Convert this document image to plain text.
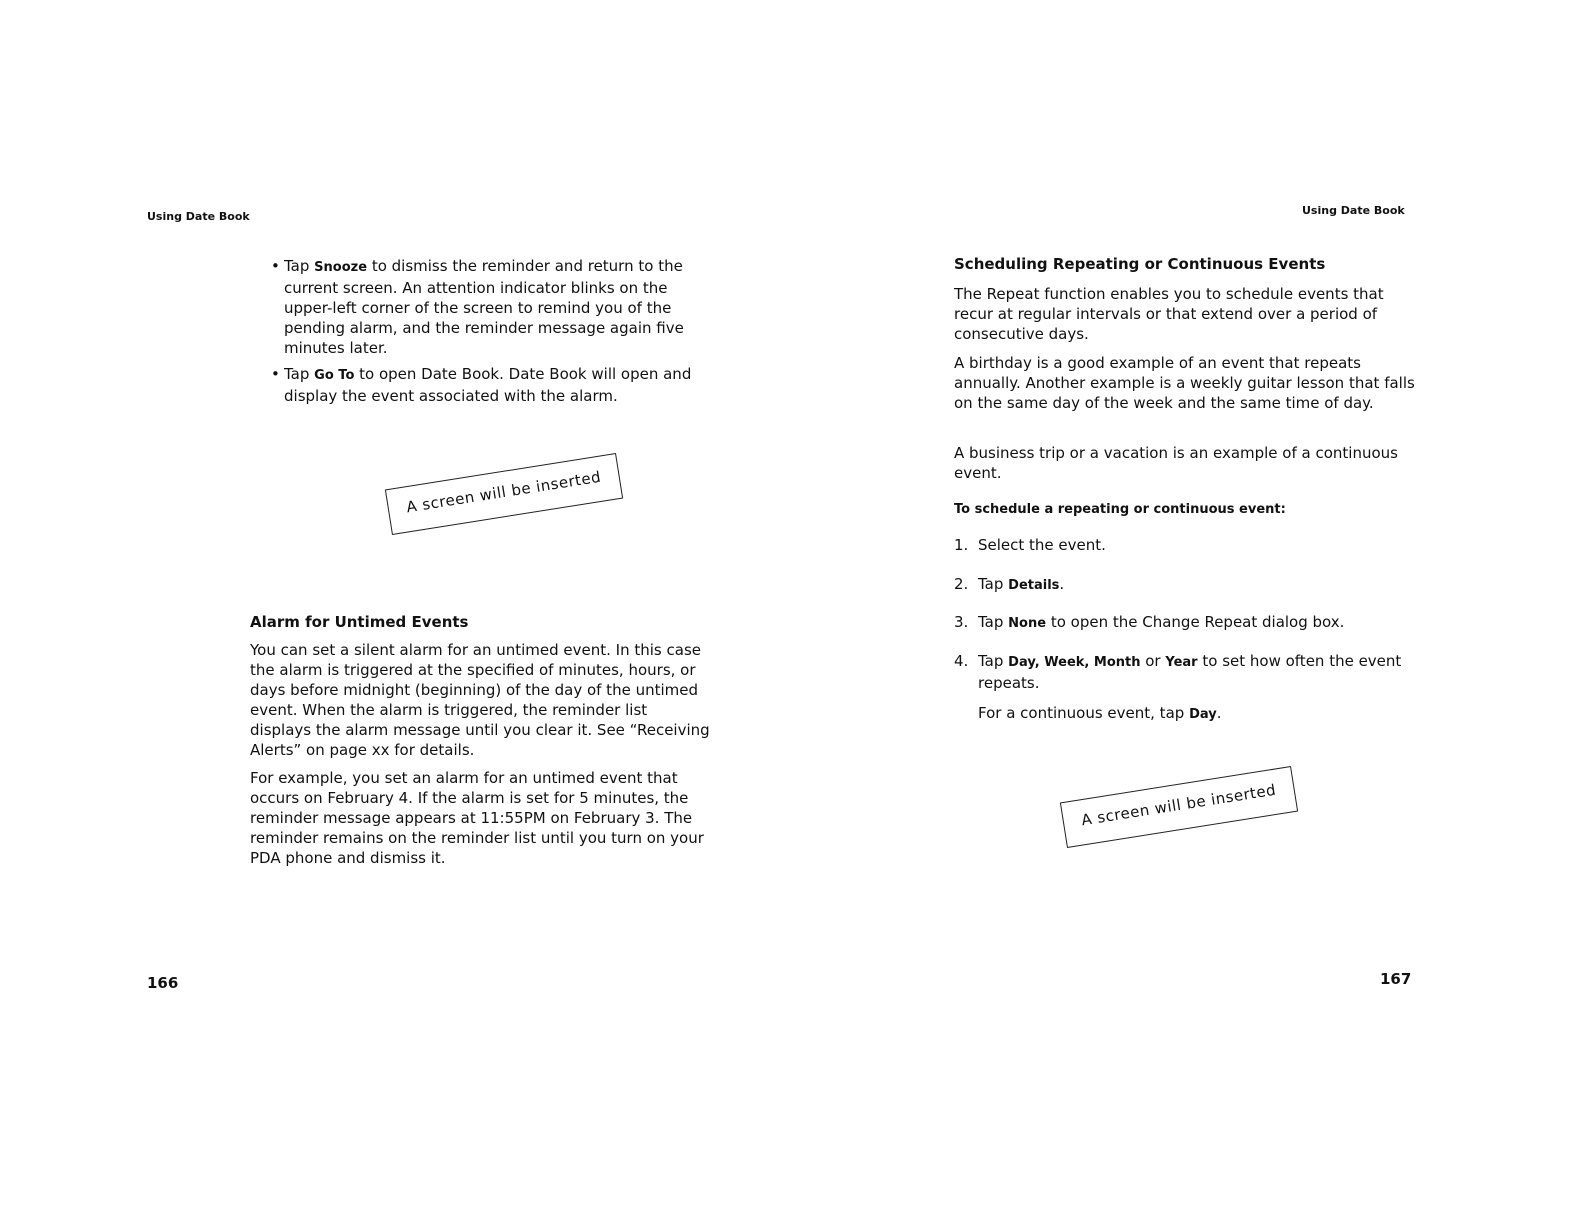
Using Date Book
• Tap Snooze to dismiss the reminder and return to the current screen. An attention indicator blinks on the upper-left corner of the screen to remind you of the pending alarm, and the reminder message again five minutes later.
• Tap Go To to open Date Book. Date Book will open and display the event associated with the alarm.
A screen will be inserted
Alarm for Untimed Events

You can set a silent alarm for an untimed event. In this case the alarm is triggered at the specified of minutes, hours, or days before midnight (beginning) of the day of the untimed event. When the alarm is triggered, the reminder list displays the alarm message until you clear it. See “Receiving Alerts” on page xx for details.

For example, you set an alarm for an untimed event that occurs on February 4. If the alarm is set for 5 minutes, the reminder message appears at 11:55PM on February 3. The reminder remains on the reminder list until you turn on your PDA phone and dismiss it.

166
Using Date Book
Scheduling Repeating or Continuous Events

The Repeat function enables you to schedule events that recur at regular intervals or that extend over a period of consecutive days.

A birthday is a good example of an event that repeats annually. Another example is a weekly guitar lesson that falls on the same day of the week and the same time of day.

A business trip or a vacation is an example of a continuous event.

To schedule a repeating or continuous event:
1. Select the event.
2. Tap Details.
3. Tap None to open the Change Repeat dialog box.
4. Tap Day, Week, Month or Year to set how often the event repeats.
For a continuous event, tap Day.
A screen will be inserted
167
